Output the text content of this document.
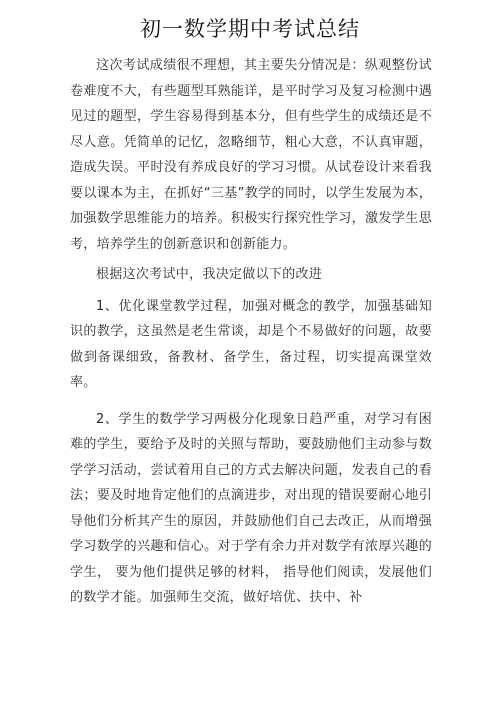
初一数学期中考试总结

这次考试成绩很不理想，其主要失分情况是：纵观整份试卷难度不大，有些题型耳熟能详，是平时学习及复习检测中遇见过的题型，学生容易得到基本分，但有些学生的成绩还是不尽人意。凭简单的记忆，忽略细节，粗心大意，不认真审题，造成失误。平时没有养成良好的学习习惯。从试卷设计来看我要以课本为主，在抓好“三基”教学的同时，以学生发展为本，加强数学思维能力的培养。积极实行探究性学习，激发学生思考，培养学生的创新意识和创新能力。

根据这次考试中，我决定做以下的改进

1、优化课堂教学过程，加强对概念的教学，加强基础知识的教学，这虽然是老生常谈，却是个不易做好的问题，故要做到备课细致，备教材、备学生，备过程，切实提高课堂效率。

2、学生的数学学习两极分化现象日趋严重，对学习有困难的学生，要给予及时的关照与帮助，要鼓励他们主动参与数学学习活动，尝试着用自己的方式去解决问题，发表自己的看法；要及时地肯定他们的点滴进步，对出现的错误要耐心地引导他们分析其产生的原因，并鼓励他们自己去改正，从而增强学习数学的兴趣和信心。对于学有余力并对数学有浓厚兴趣的学生， 要为他们提供足够的材料， 指导他们阅读，发展他们的数学才能。加强师生交流，做好培优、扶中、补
